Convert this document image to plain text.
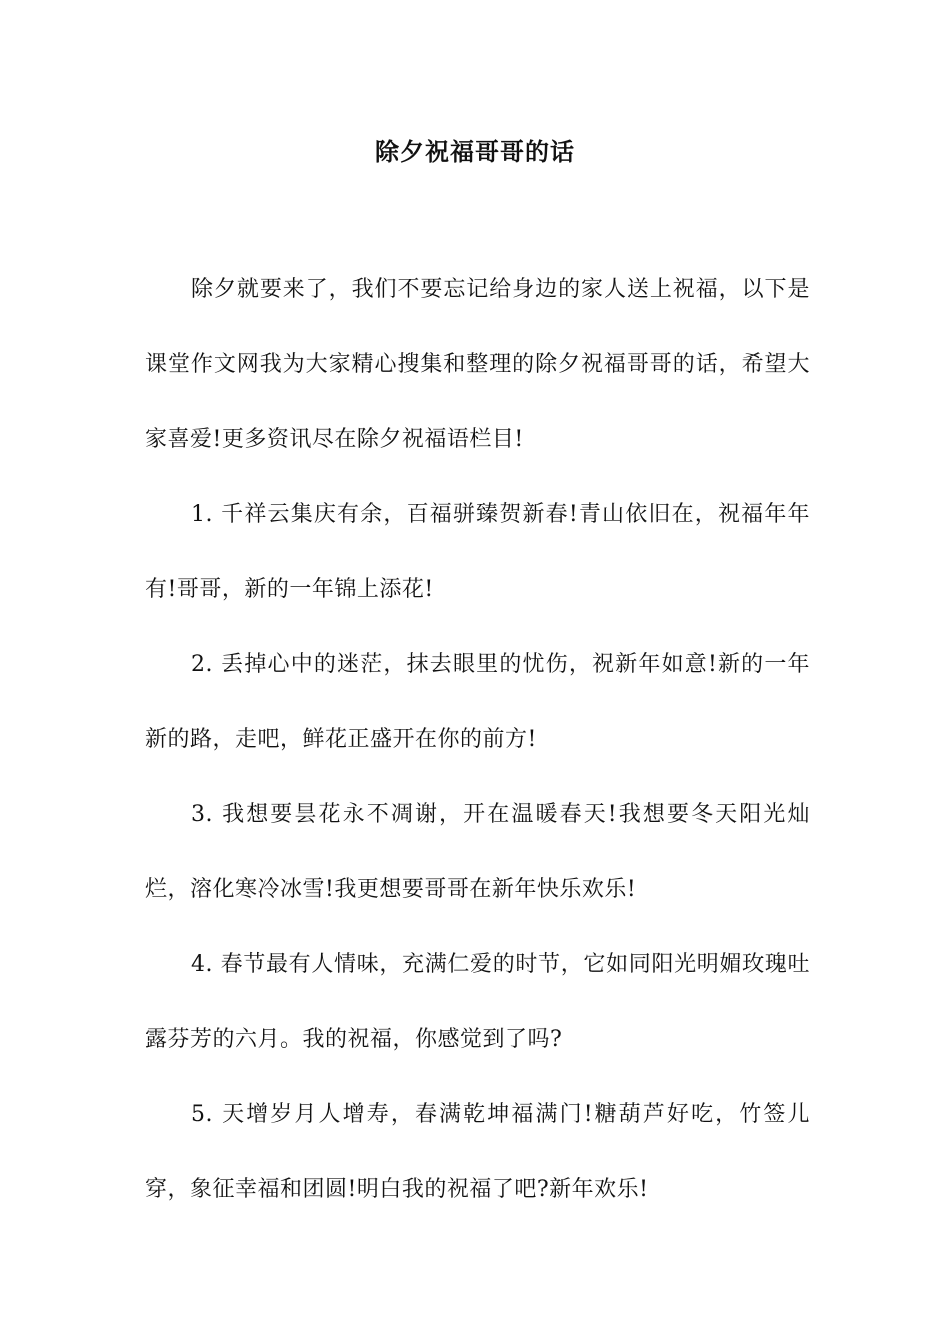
除夕祝福哥哥的话

除夕就要来了，我们不要忘记给身边的家人送上祝福，以下是课堂作文网我为大家精心搜集和整理的除夕祝福哥哥的话，希望大家喜爱!更多资讯尽在除夕祝福语栏目!

1. 千祥云集庆有余，百福骈臻贺新春!青山依旧在，祝福年年有!哥哥，新的一年锦上添花!

2. 丢掉心中的迷茫，抹去眼里的忧伤，祝新年如意!新的一年新的路，走吧，鲜花正盛开在你的前方!

3. 我想要昙花永不凋谢，开在温暖春天!我想要冬天阳光灿烂，溶化寒冷冰雪!我更想要哥哥在新年快乐欢乐!

4. 春节最有人情味，充满仁爱的时节，它如同阳光明媚玫瑰吐露芬芳的六月。我的祝福，你感觉到了吗?

5. 天增岁月人增寿，春满乾坤福满门!糖葫芦好吃，竹签儿穿，象征幸福和团圆!明白我的祝福了吧?新年欢乐!
